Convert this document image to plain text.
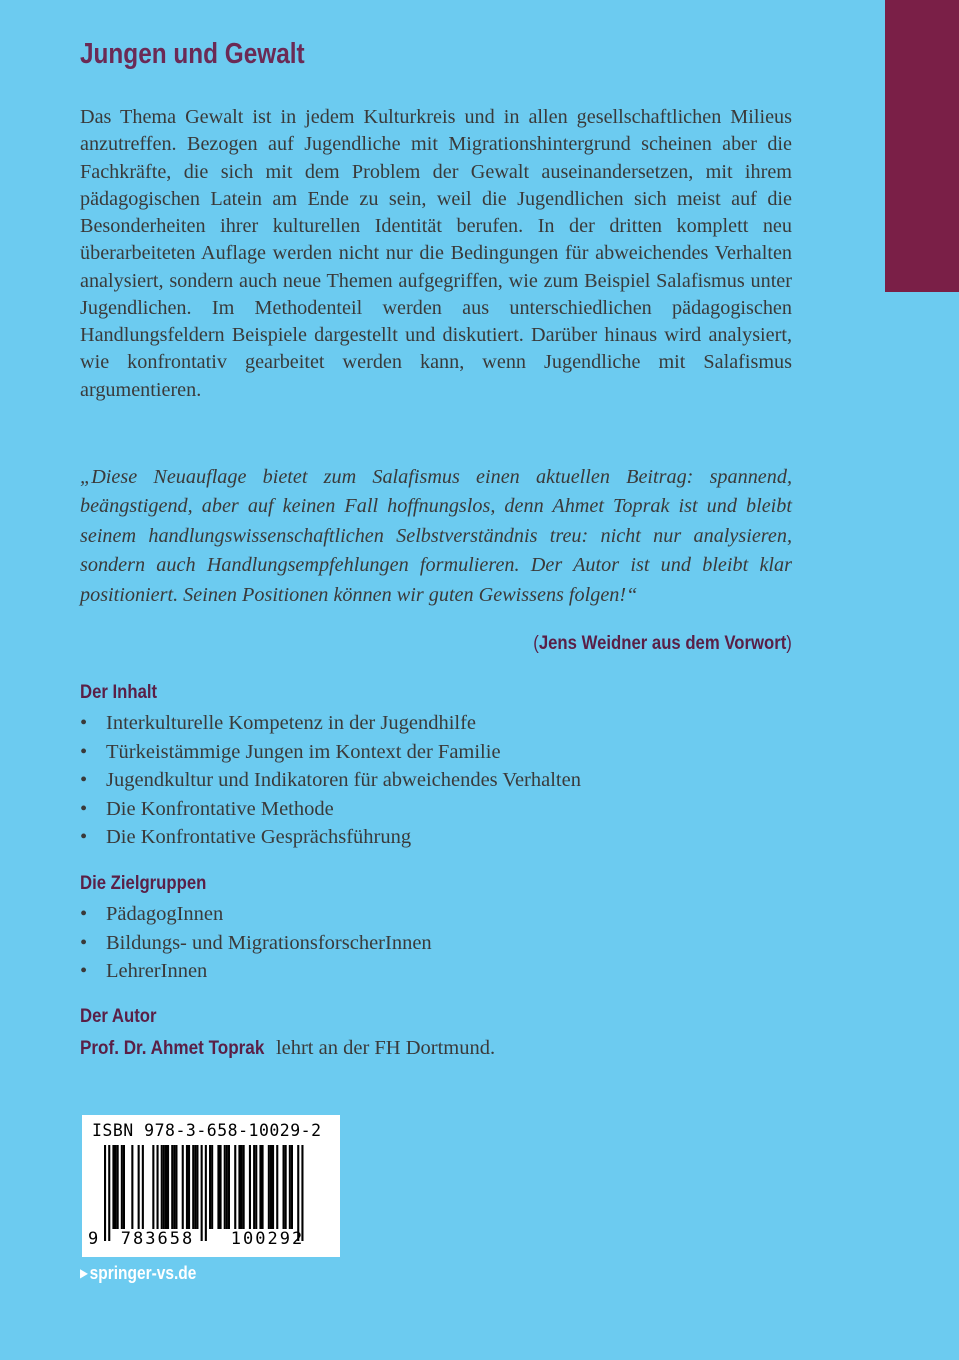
Jungen und Gewalt

Das Thema Gewalt ist in jedem Kulturkreis und in allen gesellschaftlichen Milieus anzutreffen. Bezogen auf Jugendliche mit Migrationshintergrund scheinen aber die Fachkräfte, die sich mit dem Problem der Gewalt auseinandersetzen, mit ihrem pädagogischen Latein am Ende zu sein, weil die Jugendlichen sich meist auf die Besonderheiten ihrer kulturellen Identität berufen. In der dritten komplett neu überarbeiteten Auflage werden nicht nur die Bedingungen für abweichendes Verhalten analysiert, sondern auch neue Themen aufgegriffen, wie zum Beispiel Salafismus unter Jugendlichen. Im Methodenteil werden aus unterschiedlichen pädagogischen Handlungsfeldern Beispiele dargestellt und diskutiert. Darüber hinaus wird analysiert, wie konfrontativ gearbeitet werden kann, wenn Jugendliche mit Salafismus argumentieren.

„Diese Neuauflage bietet zum Salafismus einen aktuellen Beitrag: spannend, beängstigend, aber auf keinen Fall hoffnungslos, denn Ahmet Toprak ist und bleibt seinem handlungswissenschaftlichen Selbstverständnis treu: nicht nur analysieren, sondern auch Handlungsempfehlungen formulieren. Der Autor ist und bleibt klar positioniert. Seinen Positionen können wir guten Gewissens folgen!“

(Jens Weidner aus dem Vorwort)

Der Inhalt
• Interkulturelle Kompetenz in der Jugendhilfe
• Türkeistämmige Jungen im Kontext der Familie
• Jugendkultur und Indikatoren für abweichendes Verhalten
• Die Konfrontative Methode
• Die Konfrontative Gesprächsführung
Die Zielgruppen
• PädagogInnen
• Bildungs- und MigrationsforscherInnen
• LehrerInnen
Der Autor

Prof. Dr. Ahmet Toprak lehrt an der FH Dortmund.

ISBN 978-3-658-10029-2

9	783658	100292

▶springer-vs.de
